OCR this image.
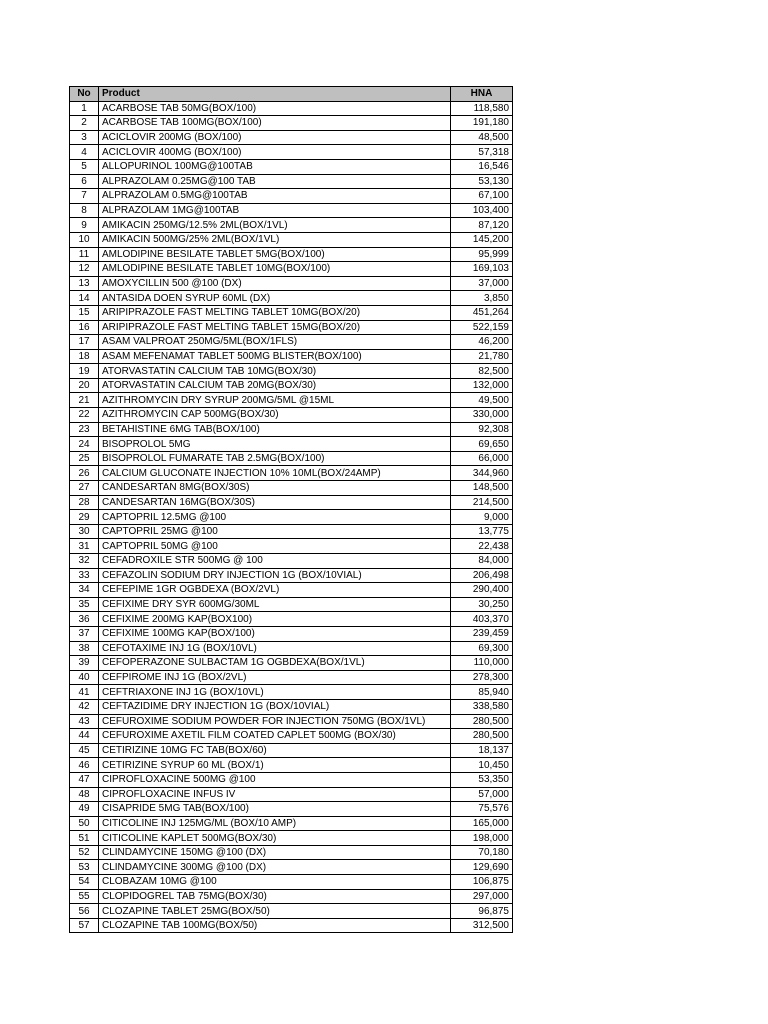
No	Product	HNA
1	ACARBOSE TAB 50MG(BOX/100)	118,580
2	ACARBOSE TAB 100MG(BOX/100)	191,180
3	ACICLOVIR 200MG (BOX/100)	48,500
4	ACICLOVIR 400MG (BOX/100)	57,318
5	ALLOPURINOL 100MG@100TAB	16,546
6	ALPRAZOLAM 0.25MG@100 TAB	53,130
7	ALPRAZOLAM 0.5MG@100TAB	67,100
8	ALPRAZOLAM 1MG@100TAB	103,400
9	AMIKACIN 250MG/12.5% 2ML(BOX/1VL)	87,120
10	AMIKACIN 500MG/25% 2ML(BOX/1VL)	145,200
11	AMLODIPINE BESILATE TABLET 5MG(BOX/100)	95,999
12	AMLODIPINE BESILATE TABLET 10MG(BOX/100)	169,103
13	AMOXYCILLIN 500 @100 (DX)	37,000
14	ANTASIDA DOEN SYRUP 60ML (DX)	3,850
15	ARIPIPRAZOLE FAST MELTING TABLET 10MG(BOX/20)	451,264
16	ARIPIPRAZOLE FAST MELTING TABLET 15MG(BOX/20)	522,159
17	ASAM VALPROAT 250MG/5ML(BOX/1FLS)	46,200
18	ASAM MEFENAMAT TABLET 500MG BLISTER(BOX/100)	21,780
19	ATORVASTATIN CALCIUM TAB 10MG(BOX/30)	82,500
20	ATORVASTATIN CALCIUM TAB 20MG(BOX/30)	132,000
21	AZITHROMYCIN DRY SYRUP 200MG/5ML @15ML	49,500
22	AZITHROMYCIN CAP 500MG(BOX/30)	330,000
23	BETAHISTINE 6MG TAB(BOX/100)	92,308
24	BISOPROLOL 5MG	69,650
25	BISOPROLOL FUMARATE TAB 2.5MG(BOX/100)	66,000
26	CALCIUM GLUCONATE INJECTION 10% 10ML(BOX/24AMP)	344,960
27	CANDESARTAN 8MG(BOX/30S)	148,500
28	CANDESARTAN 16MG(BOX/30S)	214,500
29	CAPTOPRIL 12.5MG @100	9,000
30	CAPTOPRIL 25MG @100	13,775
31	CAPTOPRIL 50MG @100	22,438
32	CEFADROXILE STR 500MG @ 100	84,000
33	CEFAZOLIN SODIUM DRY INJECTION 1G (BOX/10VIAL)	206,498
34	CEFEPIME 1GR OGBDEXA (BOX/2VL)	290,400
35	CEFIXIME DRY SYR 600MG/30ML	30,250
36	CEFIXIME 200MG KAP(BOX100)	403,370
37	CEFIXIME 100MG KAP(BOX/100)	239,459
38	CEFOTAXIME INJ 1G (BOX/10VL)	69,300
39	CEFOPERAZONE SULBACTAM 1G OGBDEXA(BOX/1VL)	110,000
40	CEFPIROME INJ 1G (BOX/2VL)	278,300
41	CEFTRIAXONE INJ 1G (BOX/10VL)	85,940
42	CEFTAZIDIME DRY INJECTION 1G (BOX/10VIAL)	338,580
43	CEFUROXIME SODIUM POWDER FOR INJECTION 750MG (BOX/1VL)	280,500
44	CEFUROXIME AXETIL FILM COATED CAPLET 500MG (BOX/30)	280,500
45	CETIRIZINE 10MG FC TAB(BOX/60)	18,137
46	CETIRIZINE SYRUP 60 ML (BOX/1)	10,450
47	CIPROFLOXACINE 500MG @100	53,350
48	CIPROFLOXACINE INFUS IV	57,000
49	CISAPRIDE 5MG TAB(BOX/100)	75,576
50	CITICOLINE INJ 125MG/ML (BOX/10 AMP)	165,000
51	CITICOLINE KAPLET 500MG(BOX/30)	198,000
52	CLINDAMYCINE 150MG @100 (DX)	70,180
53	CLINDAMYCINE 300MG @100 (DX)	129,690
54	CLOBAZAM 10MG @100	106,875
55	CLOPIDOGREL TAB 75MG(BOX/30)	297,000
56	CLOZAPINE TABLET 25MG(BOX/50)	96,875
57	CLOZAPINE TAB 100MG(BOX/50)	312,500
